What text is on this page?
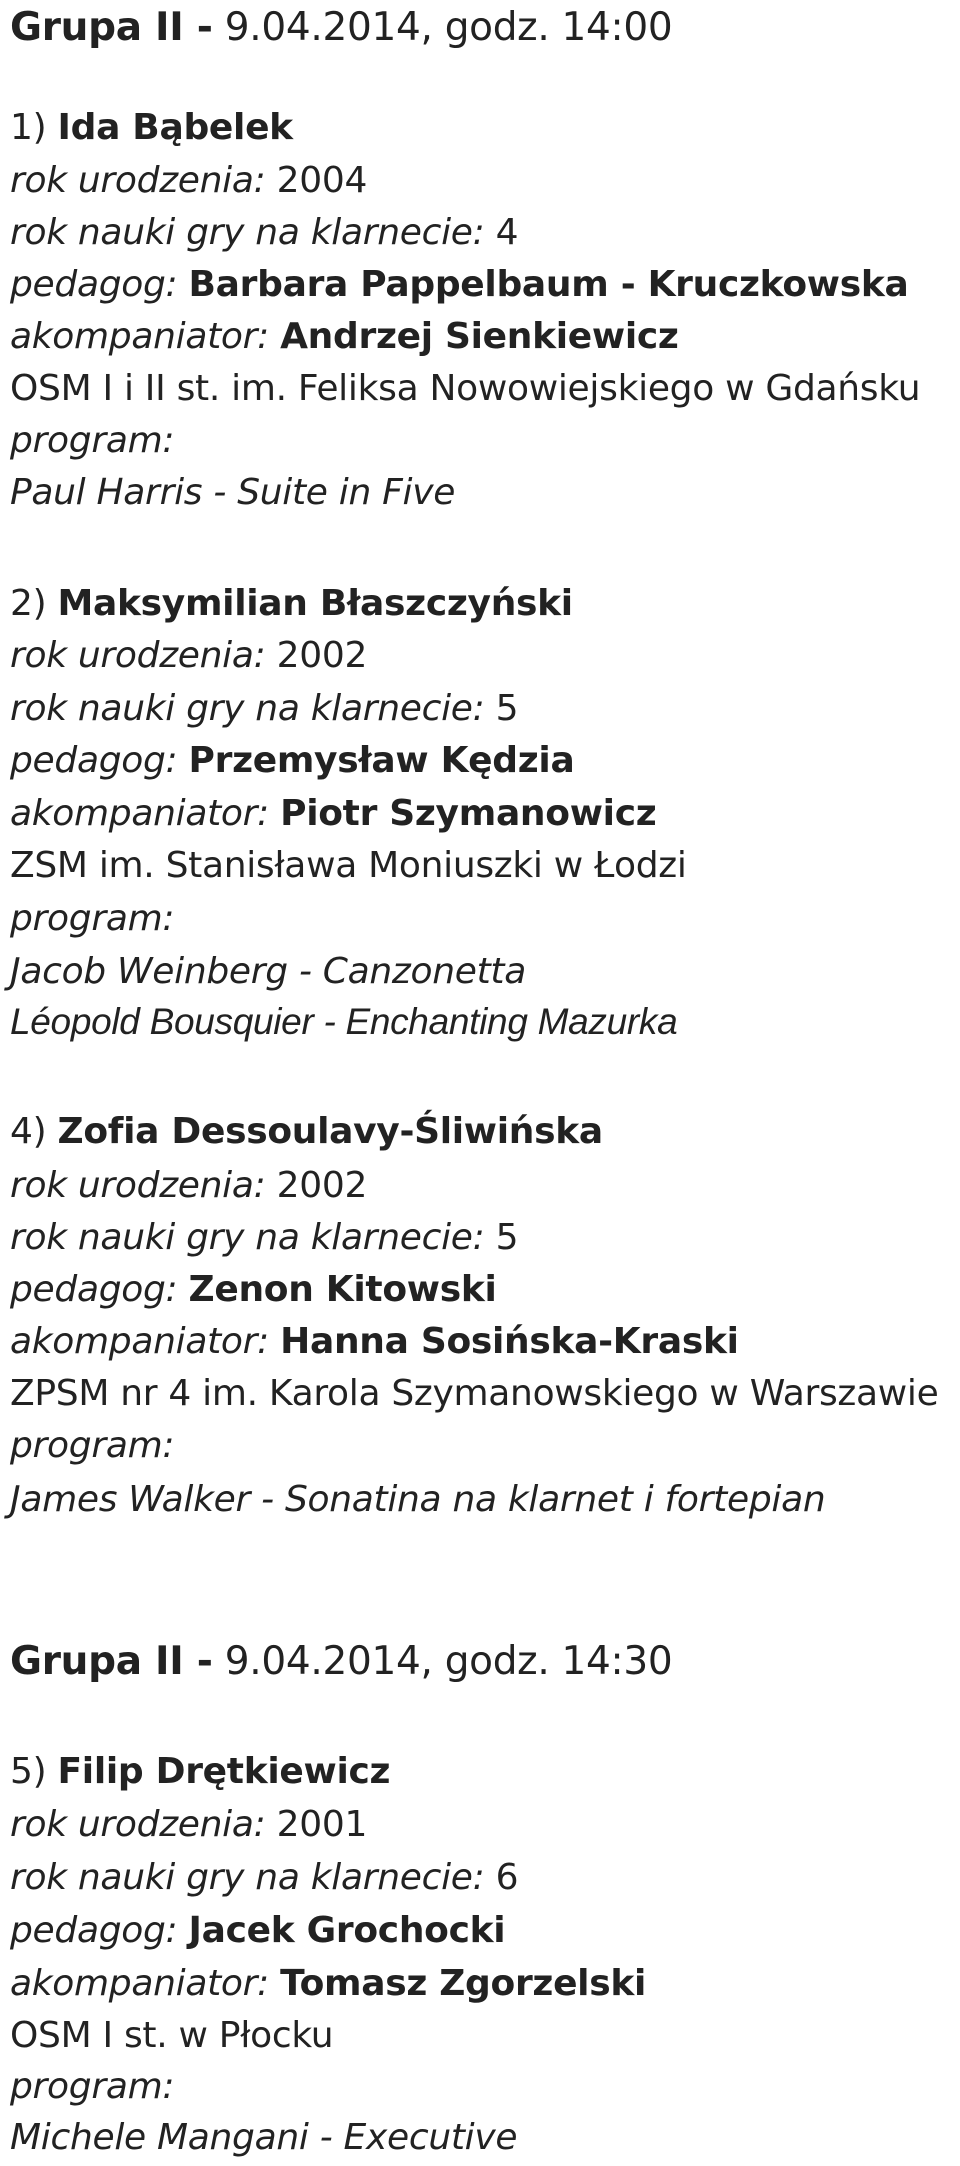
Grupa II - 9.04.2014, godz. 14:00
1) Ida Bąbelek
rok urodzenia: 2004
rok nauki gry na klarnecie: 4
pedagog: Barbara Pappelbaum - Kruczkowska
akompaniator: Andrzej Sienkiewicz
OSM I i II st. im. Feliksa Nowowiejskiego w Gdańsku
program:
Paul Harris - Suite in Five
2) Maksymilian Błaszczyński
rok urodzenia: 2002
rok nauki gry na klarnecie: 5
pedagog: Przemysław Kędzia
akompaniator: Piotr Szymanowicz
ZSM im. Stanisława Moniuszki w Łodzi
program:
Jacob Weinberg - Canzonetta
Léopold Bousquier - Enchanting Mazurka
4) Zofia Dessoulavy-Śliwińska
rok urodzenia: 2002
rok nauki gry na klarnecie: 5
pedagog: Zenon Kitowski
akompaniator: Hanna Sosińska-Kraski
ZPSM nr 4 im. Karola Szymanowskiego w Warszawie
program:
James Walker - Sonatina na klarnet i fortepian
Grupa II - 9.04.2014, godz. 14:30
5) Filip Drętkiewicz
rok urodzenia: 2001
rok nauki gry na klarnecie: 6
pedagog: Jacek Grochocki
akompaniator: Tomasz Zgorzelski
OSM I st. w Płocku
program:
Michele Mangani - Executive
